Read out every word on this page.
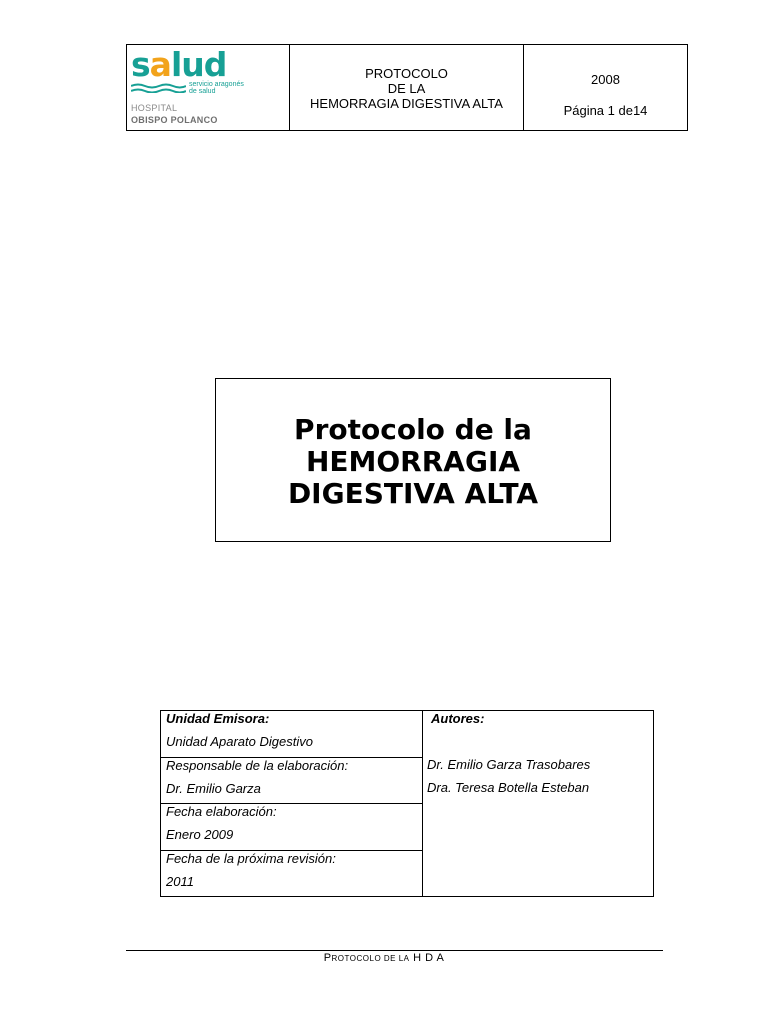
salud
servicio aragonés
de salud
HOSPITAL
OBISPO POLANCO
PROTOCOLO
DE LA
HEMORRAGIA DIGESTIVA ALTA
2008
Página 1 de14
Protocolo de la
HEMORRAGIA
DIGESTIVA ALTA
Unidad Emisora:
Unidad Aparato Digestivo
Responsable de la elaboración:
Dr. Emilio Garza
Fecha elaboración:
Enero 2009
Fecha de la próxima revisión:
2011
Autores:
Dr. Emilio Garza Trasobares
Dra. Teresa Botella Esteban
PROTOCOLO DE LA H D A
